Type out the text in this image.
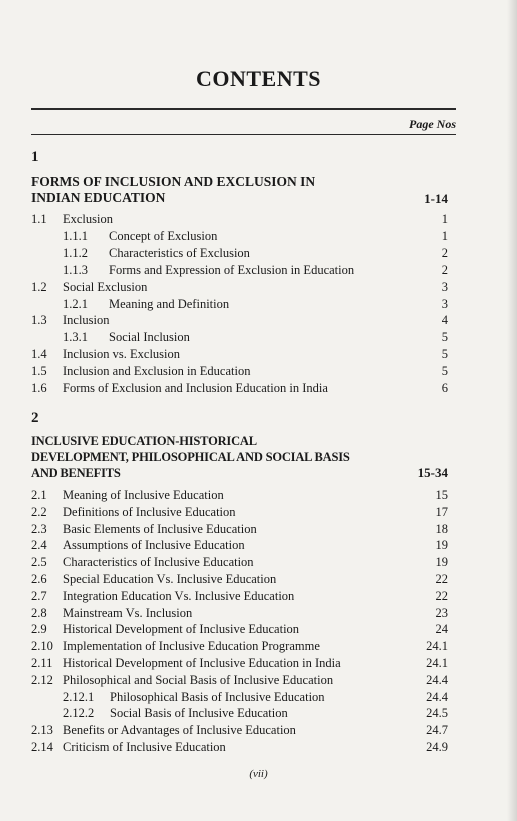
CONTENTS
Page Nos
1
FORMS OF INCLUSION AND EXCLUSION IN
INDIAN EDUCATION	1-14
1.1 Exclusion	1
1.1.1 Concept of Exclusion	1
1.1.2 Characteristics of Exclusion	2
1.1.3 Forms and Expression of Exclusion in Education	2
1.2 Social Exclusion	3
1.2.1 Meaning and Definition	3
1.3 Inclusion	4
1.3.1 Social Inclusion	5
1.4 Inclusion vs. Exclusion	5
1.5 Inclusion and Exclusion in Education	5
1.6 Forms of Exclusion and Inclusion Education in India	6
2
INCLUSIVE EDUCATION-HISTORICAL
DEVELOPMENT, PHILOSOPHICAL AND SOCIAL BASIS
AND BENEFITS	15-34
2.1 Meaning of Inclusive Education	15
2.2 Definitions of Inclusive Education	17
2.3 Basic Elements of Inclusive Education	18
2.4 Assumptions of Inclusive Education	19
2.5 Characteristics of Inclusive Education	19
2.6 Special Education Vs. Inclusive Education	22
2.7 Integration Education Vs. Inclusive Education	22
2.8 Mainstream Vs. Inclusion	23
2.9 Historical Development of Inclusive Education	24
2.10 Implementation of Inclusive Education Programme	24.1
2.11 Historical Development of Inclusive Education in India	24.1
2.12 Philosophical and Social Basis of Inclusive Education	24.4
2.12.1 Philosophical Basis of Inclusive Education	24.4
2.12.2 Social Basis of Inclusive Education	24.5
2.13 Benefits or Advantages of Inclusive Education	24.7
2.14 Criticism of Inclusive Education	24.9
(vii)
